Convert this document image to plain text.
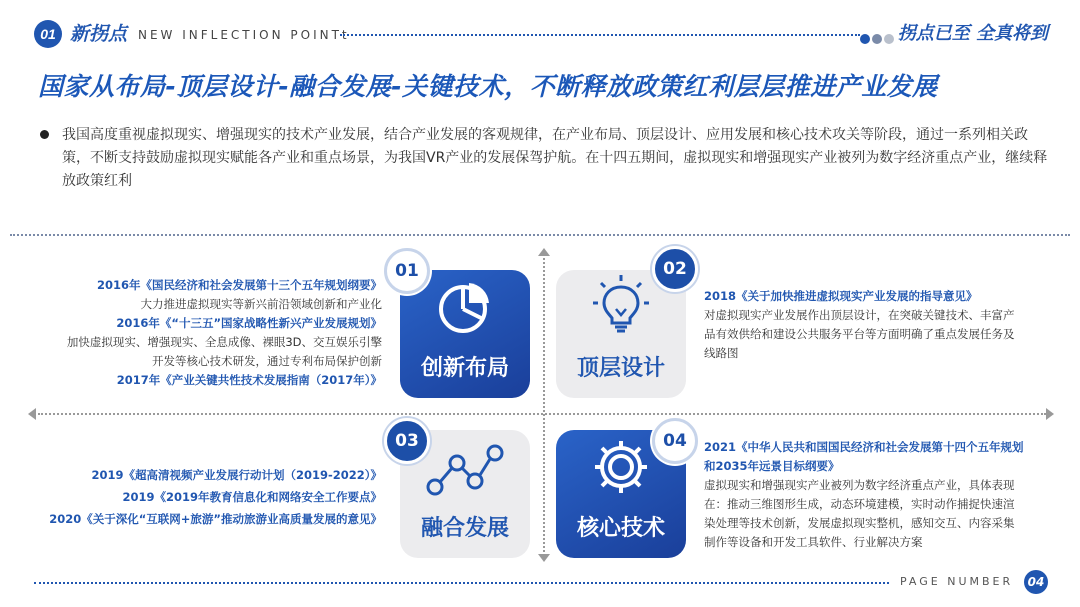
01 新拐点 NEW INFLECTION POINTt	拐点已至 全真将到
国家从布局-顶层设计-融合发展-关键技术，不断释放政策红利层层推进产业发展
我国高度重视虚拟现实、增强现实的技术产业发展，结合产业发展的客观规律，在产业布局、顶层设计、应用发展和核心技术攻关等阶段，通过一系列相关政策，不断支持鼓励虚拟现实赋能各产业和重点场景，为我国VR产业的发展保驾护航。在十四五期间，虚拟现实和增强现实产业被列为数字经济重点产业，继续释放政策红利
创新布局
01
顶层设计
02
融合发展
03
核心技术
04
2016年《国民经济和社会发展第十三个五年规划纲要》
大力推进虚拟现实等新兴前沿领域创新和产业化
2016年《“十三五”国家战略性新兴产业发展规划》
加快虚拟现实、增强现实、全息成像、裸眼3D、交互娱乐引擎
开发等核心技术研发，通过专利布局保护创新
2017年《产业关键共性技术发展指南（2017年）》
2018《关于加快推进虚拟现实产业发展的指导意见》
对虚拟现实产业发展作出顶层设计，在突破关键技术、丰富产
品有效供给和建设公共服务平台等方面明确了重点发展任务及
线路图
2019《超高清视频产业发展行动计划（2019-2022）》
2019《2019年教育信息化和网络安全工作要点》
2020《关于深化“互联网+旅游”推动旅游业高质量发展的意见》
2021《中华人民共和国国民经济和社会发展第十四个五年规划
和2035年远景目标纲要》
虚拟现实和增强现实产业被列为数字经济重点产业，具体表现
在：推动三维图形生成，动态环境建模，实时动作捕捉快速渲
染处理等技术创新，发展虚拟现实整机，感知交互、内容采集
制作等设备和开发工具软件、行业解决方案
PAGE NUMBER	04
